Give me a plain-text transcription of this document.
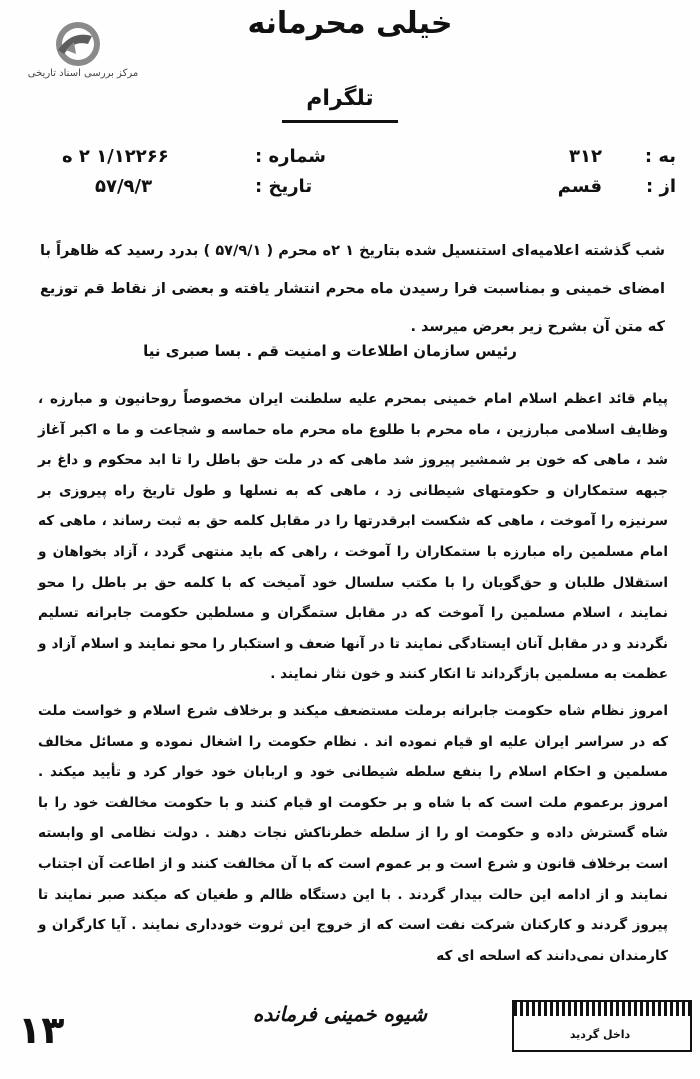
مرکز بررسی اسناد تاریخی
خیلی محرمانه
تلگرام
به :
۳۱۲
از :
قسم
شماره :
۱/۱۲۲۶۶ ۲ ه
تاریخ :
۵۷/۹/۳
شب گذشته اعلامیه‌ای استنسیل شده بتاریخ ۱ ۲ه محرم ( ۵۷/۹/۱ ) بدرد رسید که ظاهراً با امضای خمینی و بمناسبت فرا رسیدن ماه محرم انتشار یافته و بعضی از نقاط قم توزیع که متن آن بشرح زیر بعرض میرسد .
رئیس سازمان اطلاعات و امنیت قم . بسا صبری نیا

پیام قائد اعظم اسلام امام خمینی بمحرم علیه سلطنت ایران مخصوصاً روحانیون و مبارزه ، وظایف اسلامی مبارزین ، ماه محرم با طلوع ماه محرم ماه حماسه و شجاعت و ما ه اکبر آغاز شد ، ماهی که خون بر شمشیر پیروز شد ماهی که در ملت حق باطل را تا ابد محکوم و داغ بر جبهه ستمکاران و حکومتهای شیطانی زد ، ماهی که به نسلها و طول تاریخ راه پیروزی بر سرنیزه را آموخت ، ماهی که شکست ابرقدرتها را در مقابل کلمه حق به ثبت رساند ، ماهی که امام مسلمین راه مبارزه با ستمکاران را آموخت ، راهی که باید منتهی گردد ، آزاد بخواهان و استقلال طلبان و حق‌گویان را با مکتب سلسال خود آمیخت که با کلمه حق بر باطل را محو نمایند ، اسلام مسلمین را آموخت که در مقابل ستمگران و مسلطین حکومت جابرانه تسلیم نگردند و در مقابل آنان ایستادگی نمایند تا در آنها ضعف و استکبار را محو نمایند و اسلام آزاد و عظمت به مسلمین بازگرداند تا انکار کنند و خون نثار نمایند .

امروز نظام شاه حکومت جابرانه برملت مستضعف میکند و برخلاف شرع اسلام و خواست ملت که در سراسر ایران علیه او قیام نموده اند . نظام حکومت را اشغال نموده و مسائل مخالف مسلمین و احکام اسلام را بنفع سلطه شیطانی خود و اربابان خود خوار کرد و تأیید میکند . امروز برعموم ملت است که با شاه و بر حکومت او قیام کنند و با حکومت مخالفت خود را با شاه گسترش داده و حکومت او را از سلطه خطرناکش نجات دهند . دولت نظامی او وابسته است برخلاف قانون و شرع است و بر عموم است که با آن مخالفت کنند و از اطاعت آن اجتناب نمایند و از ادامه این حالت بیدار گردند . با این دستگاه ظالم و طغیان که میکند صبر نمایند تا پیروز گردند و کارکنان شرکت نفت است که از خروج این ثروت خودداری نمایند . آیا کارگران و کارمندان نمی‌دانند که اسلحه ای که

۱۳	شیوه خمینی فرمانده
داخل گردید
